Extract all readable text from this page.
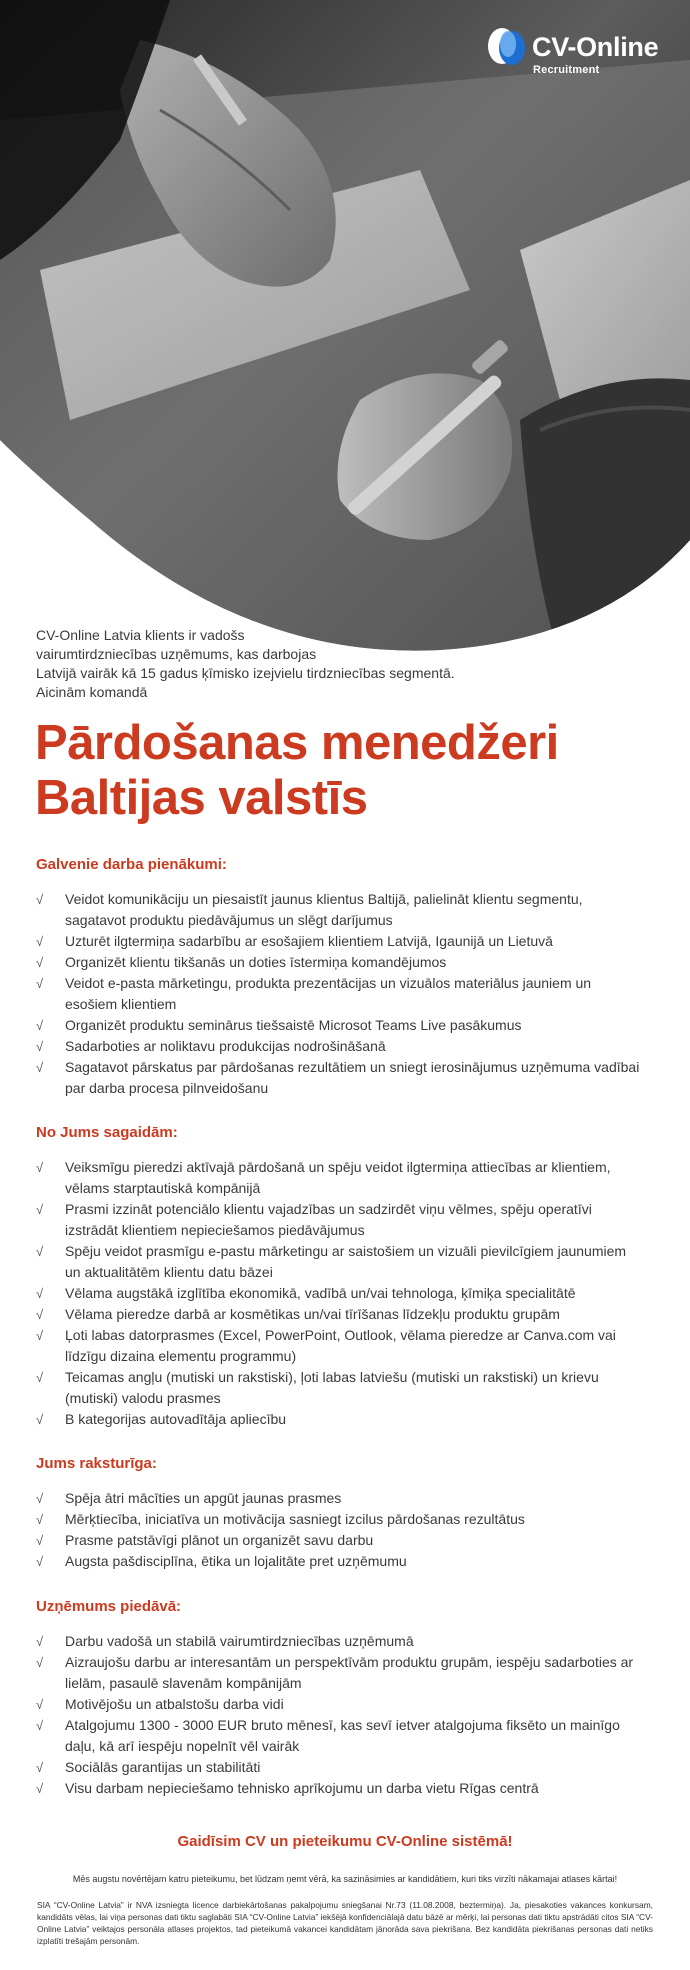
CV-Online
Recruitment
CV-Online Latvia klients ir vadošs
vairumtirdzniecības uzņēmums, kas darbojas
Latvijā vairāk kā 15 gadus ķīmisko izejvielu tirdzniecības segmentā.
Aicinām komandā
Pārdošanas menedžeri
Baltijas valstīs
Galvenie darba pienākumi:
√ Veidot komunikāciju un piesaistīt jaunus klientus Baltijā, palielināt klientu segmentu,
sagatavot produktu piedāvājumus un slēgt darījumus
√ Uzturēt ilgtermiņa sadarbību ar esošajiem klientiem Latvijā, Igaunijā un Lietuvā
√ Organizēt klientu tikšanās un doties īstermiņa komandējumos
√ Veidot e-pasta mārketingu, produkta prezentācijas un vizuālos materiālus jauniem un
esošiem klientiem
√ Organizēt produktu seminārus tiešsaistē Microsot Teams Live pasākumus
√ Sadarboties ar noliktavu produkcijas nodrošināšanā
√ Sagatavot pārskatus par pārdošanas rezultātiem un sniegt ierosinājumus uzņēmuma vadībai
par darba procesa pilnveidošanu
No Jums sagaidām:
√ Veiksmīgu pieredzi aktīvajā pārdošanā un spēju veidot ilgtermiņa attiecības ar klientiem,
vēlams starptautiskā kompānijā
√ Prasmi izzināt potenciālo klientu vajadzības un sadzirdēt viņu vēlmes, spēju operatīvi
izstrādāt klientiem nepieciešamos piedāvājumus
√ Spēju veidot prasmīgu e-pastu mārketingu ar saistošiem un vizuāli pievilcīgiem jaunumiem
un aktualitātēm klientu datu bāzei
√ Vēlama augstākā izglītība ekonomikā, vadībā un/vai tehnologa, ķīmiķa specialitātē
√ Vēlama pieredze darbā ar kosmētikas un/vai tīrīšanas līdzekļu produktu grupām
√ Ļoti labas datorprasmes (Excel, PowerPoint, Outlook, vēlama pieredze ar Canva.com vai
līdzīgu dizaina elementu programmu)
√ Teicamas angļu (mutiski un rakstiski), ļoti labas latviešu (mutiski un rakstiski) un krievu
(mutiski) valodu prasmes
√ B kategorijas autovadītāja apliecību
Jums raksturīga:
√ Spēja ātri mācīties un apgūt jaunas prasmes
√ Mērķtiecība, iniciatīva un motivācija sasniegt izcilus pārdošanas rezultātus
√ Prasme patstāvīgi plānot un organizēt savu darbu
√ Augsta pašdisciplīna, ētika un lojalitāte pret uzņēmumu
Uzņēmums piedāvā:
√ Darbu vadošā un stabilā vairumtirdzniecības uzņēmumā
√ Aizraujošu darbu ar interesantām un perspektīvām produktu grupām, iespēju sadarboties ar
lielām, pasaulē slavenām kompānijām
√ Motivējošu un atbalstošu darba vidi
√ Atalgojumu 1300 - 3000 EUR bruto mēnesī, kas sevī ietver atalgojuma fiksēto un mainīgo
daļu, kā arī iespēju nopelnīt vēl vairāk
√ Sociālās garantijas un stabilitāti
√ Visu darbam nepieciešamo tehnisko aprīkojumu un darba vietu Rīgas centrā
Gaidīsim CV un pieteikumu CV-Online sistēmā!
Mēs augstu novērtējam katru pieteikumu, bet lūdzam ņemt vērā, ka sazināsimies ar kandidātiem, kuri tiks virzīti nākamajai atlases kārtai!
SIA “CV-Online Latvia” ir NVA izsniegta licence darbiekārtošanas pakalpojumu sniegšanai Nr.73 (11.08.2008, beztermiņa). Ja, piesakoties vakances konkursam, kandidāts vēlas, lai viņa personas dati tiktu saglabāti SIA “CV-Online Latvia” iekšējā konfidenciālajā datu bāzē ar mērķi, lai personas dati tiktu apstrādāti citos SIA “CV-Online Latvia” veiktajos personāla atlases projektos, tad pieteikumā vakancei kandidātam jānorāda sava piekrišana. Bez kandidāta piekrišanas personas dati netiks izplatīti trešajām personām.
